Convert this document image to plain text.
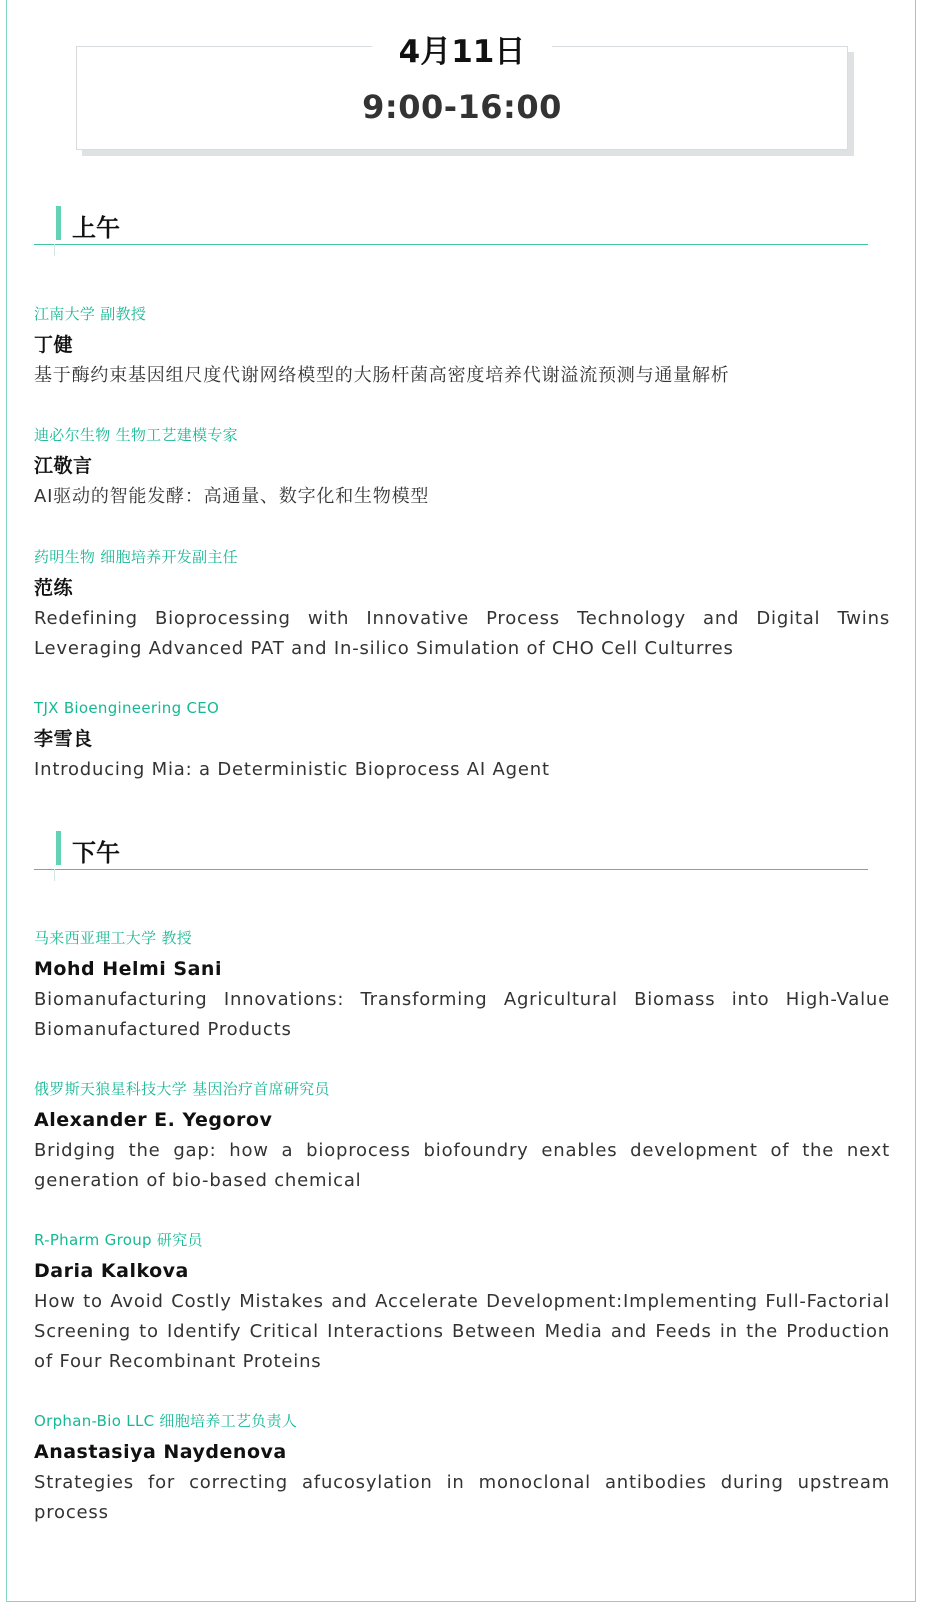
4月11日
9:00-16:00
上午
江南大学 副教授
丁健
基于酶约束基因组尺度代谢网络模型的大肠杆菌高密度培养代谢溢流预测与通量解析
迪必尔生物 生物工艺建模专家
江敬言
AI驱动的智能发酵：高通量、数字化和生物模型
药明生物 细胞培养开发副主任
范练
Redefining Bioprocessing with Innovative Process Technology and Digital Twins Leveraging Advanced PAT and In-silico Simulation of CHO Cell Culturres
TJX Bioengineering CEO
李雪良
Introducing Mia: a Deterministic Bioprocess AI Agent
下午
马来西亚理工大学 教授
Mohd Helmi Sani
Biomanufacturing Innovations: Transforming Agricultural Biomass into High-Value Biomanufactured Products
俄罗斯天狼星科技大学 基因治疗首席研究员
Alexander E. Yegorov
Bridging the gap: how a bioprocess biofoundry enables development of the next generation of bio-based chemical
R-Pharm Group 研究员
Daria Kalkova
How to Avoid Costly Mistakes and Accelerate Development:Implementing Full-Factorial Screening to Identify Critical Interactions Between Media and Feeds in the Production of Four Recombinant Proteins
Orphan-Bio LLC 细胞培养工艺负责人
Anastasiya Naydenova
Strategies for correcting afucosylation in monoclonal antibodies during upstream process
